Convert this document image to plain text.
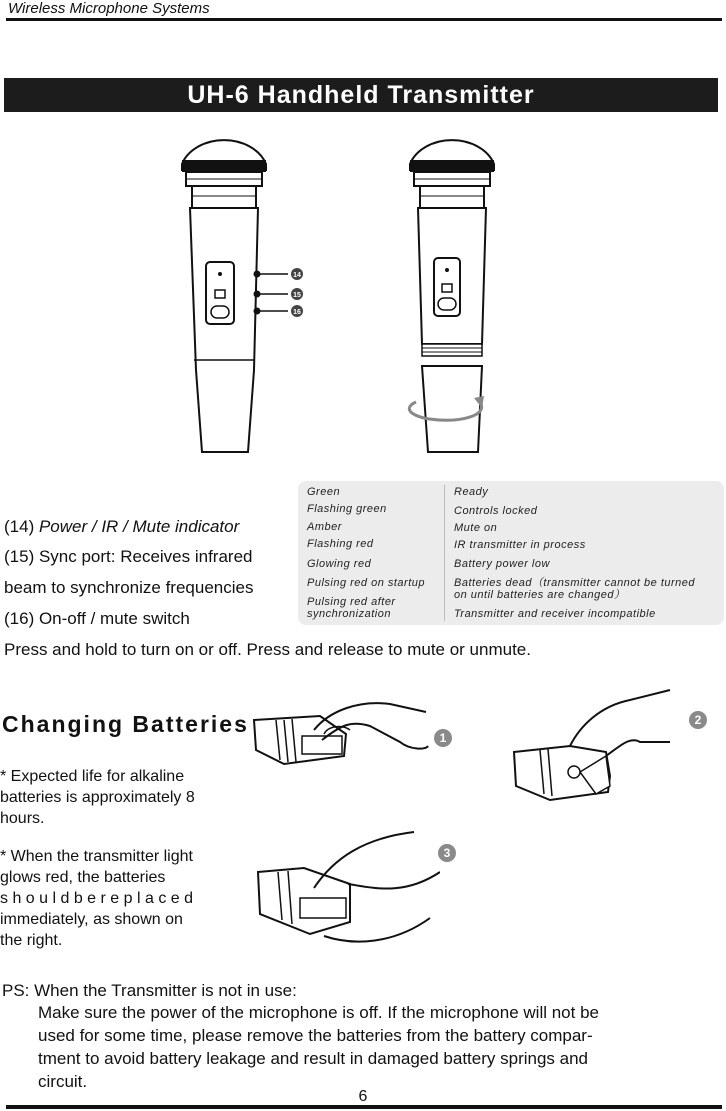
Wireless Microphone Systems
UH-6 Handheld Transmitter
14
15
16
(14) Power / IR / Mute indicator
(15) Sync port: Receives infrared
beam to synchronize frequencies
(16) On-off / mute switch
Green	Ready
Flashing green	Controls locked
Amber	Mute on
Flashing red	IR transmitter in process
Glowing red	Battery power low
Pulsing red on startup	Batteries dead（transmitter cannot be turned
on until batteries are changed）
Pulsing red after
synchronization	Transmitter and receiver incompatible
Press and hold to turn on or off. Press and release to mute or unmute.
Changing Batteries
* Expected life for alkaline
batteries is approximately 8
hours.
* When the transmitter light
glows red, the batteries
s h o u l d b e r e p l a c e d
immediately, as shown on
the right.
1
2
3
PS: When the Transmitter is not in use:
Make sure the power of the microphone is off. If the microphone will not be
used for some time, please remove the batteries from the battery compar-
tment to avoid battery leakage and result in damaged battery springs and
circuit.
6
